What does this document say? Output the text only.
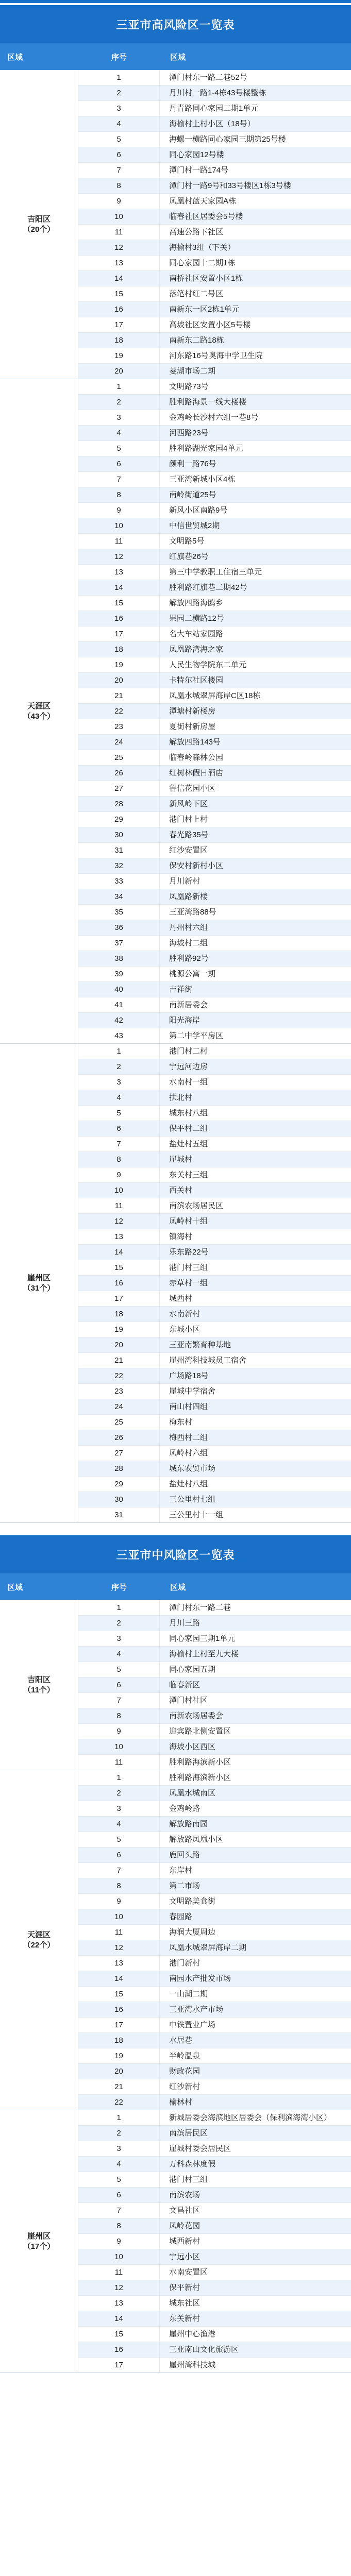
三亚市高风险区一览表
区域	序号	区域
1	潭门村东一路二巷52号
2	月川村一路1-4栋43号楼整栋
3	丹青路同心家园二期1单元
4	海榆村上村小区（18号）
5	海螺一横路同心家园三期第25号楼
6	同心家园12号楼
7	潭门村一路174号
8	潭门村一路9号和33号楼区1栋3号楼
9	凤凰村蓝天家园A栋
10	临春社区居委会5号楼
11	高速公路下社区
12	海榆村3组（下关）
13	同心家园十二期1栋
14	南桥社区安置小区1栋
15	落笔村红二号区
16	南新东一区2栋1单元
17	高坡社区安置小区5号楼
18	南新东二路18栋
19	河东路16号奥海中学卫生院
20	菱湖市场二期
吉阳区
（20个）
1	文明路73号
2	胜利路海景一线大楼楼
3	金鸡岭长沙村六组一巷8号
4	河西路23号
5	胜利路湖光家园4单元
6	颜利一路76号
7	三亚湾新城小区4栋
8	南岭街道25号
9	新风小区南路9号
10	中信世贸城2期
11	文明路5号
12	红旗巷26号
13	第三中学教职工住宿三单元
14	胜利路红旗巷二期42号
15	解放四路海鸥乡
16	果园二横路12号
17	名大车站家园路
18	凤凰路湾海之家
19	人民生物学院东二单元
20	卡特尔社区楼园
21	凤凰水城翠屏海岸C区18栋
22	潭塘村新楼房
23	夏街村新房屋
24	解放四路143号
25	临春岭森林公园
26	红树林假日酒店
27	鲁信花园小区
28	新风岭下区
29	港门村上村
30	春光路35号
31	红沙安置区
32	保安村新村小区
33	月川新村
34	凤凰路新楼
35	三亚湾路88号
36	丹州村六组
37	海坡村二组
38	胜利路92号
39	桃源公寓一期
40	吉祥街
41	南新居委会
42	阳光海岸
43	第二中学平房区
天涯区
（43个）
1	港门村二村
2	宁远河边房
3	水南村一组
4	拱北村
5	城东村八组
6	保平村二组
7	盐灶村五组
8	崖城村
9	东关村三组
10	西关村
11	南滨农场居民区
12	凤岭村十组
13	镇海村
14	乐东路22号
15	港门村三组
16	赤草村一组
17	城西村
18	水南新村
19	东城小区
20	三亚南繁育种基地
21	崖州湾科技城员工宿舍
22	广场路18号
23	崖城中学宿舍
24	南山村四组
25	梅东村
26	梅西村二组
27	凤岭村六组
28	城东农贸市场
29	盐灶村八组
30	三公里村七组
31	三公里村十一组
崖州区
（31个）
三亚市中风险区一览表
区域	序号	区域
1	潭门村东一路二巷
2	月川三路
3	同心家园三期1单元
4	海榆村上村至九大楼
5	同心家园五期
6	临春新区
7	潭门村社区
8	南新农场居委会
9	迎宾路北侧安置区
10	海坡小区西区
11	胜利路海滨新小区
吉阳区
（11个）
1	胜利路海滨新小区
2	凤凰水城南区
3	金鸡岭路
4	解放路南园
5	解放路凤凰小区
6	鹿回头路
7	东岸村
8	第二市场
9	文明路美食街
10	春园路
11	海润大厦周边
12	凤凰水城翠屏海岸二期
13	港门新村
14	南园水产批发市场
15	一山湖二期
16	三亚湾水产市场
17	中铁置业广场
18	水居巷
19	半岭温泉
20	财政花园
21	红沙新村
22	榆林村
天涯区
（22个）
1	新城居委会海滨地区居委会（保利滨海湾小区）
2	南滨居民区
3	崖城村委会居民区
4	万科森林度假
5	港门村三组
6	南滨农场
7	文昌社区
8	凤岭花园
9	城西新村
10	宁远小区
11	水南安置区
12	保平新村
13	城东社区
14	东关新村
15	崖州中心渔港
16	三亚南山文化旅游区
17	崖州湾科技城
崖州区
（17个）
